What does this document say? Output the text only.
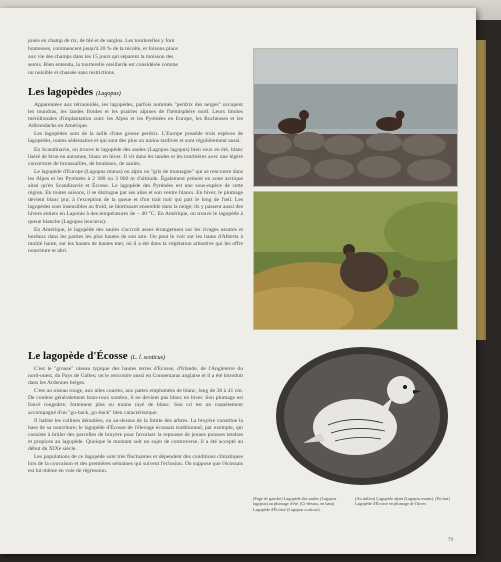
joués en champ de riz, de blé et de sarglos. Les tourterelles y font

honteuses, commencent jusqu'à 20 % de la récolte, et foisons place

aux vie des champs dans les 15 jours qui séparent la moisson des

semis. Bien entendu, la tourterelle oreillarde est considérée comme

un nuisible et chassée sans restrictions.

Les lagopèdes (Lagopus)

Apparentées aux tétraonidés, les lagopèdes, parfois nommés "perdrix des neiges" occupent les toundras, les landes froides et les prairies alpines de l'hémisphère nord. Leurs limites méridionales d'implantation sont: les Alpes et les Pyrénées en Europe, les Rocheuses et les Adirondacks en Amérique.

Les lagopèdes sont de la taille d'une grosse perdrix. L'Europe possède trois espèces de lagopèdes, toutes sédentaires et qui sont des plus ou moins tardives et sont régulièrement aussi.

En Scandinavie, on trouve le lagopède des saules (Lagopus lagopus) bien roux en été, blanc liséré de brun en automne, blanc en hiver. Il vit dans les landes et les tourbières avec une légère couverture de broussailles, de bouleaux, de saules.

Le lagopède d'Europe (Lagopus mutus) ou alpin ou "gris de montagne" qui se rencontre dans les Alpes et les Pyrénées à 2 300 ou 3 000 m d'altitude. Également présent en zone arctique ainsi qu'en Scandinavie et Écosse. Le lagopède des Pyrénées est une sous-espèce de cette région. En toutes saisons, il se distingue par ses ailes et son ventre blancs. En hiver, le plumage devient blanc pur, à l'exception de la queue et d'un trait noir qui part le long de l'œil. Les lagopèdes sont insensibles au froid, se blottissant ensemble dans la neige; ils y passent aussi des hivers entiers en Laponie à des températures de − 40 °C. En Amérique, on trouve le lagopède à queue blanche (Lagopus leucurus).

En Amérique, le lagopède des saules s'accroît assez étrangement sur les rivages neutres et boréaux dans les parties les plus hautes de son aire. On peut le voir sur les hauts d'Alberta à moitié haute, sur les hautes de hautes mer, où il a été dans la végétation arbustive qui les offre nourriture et abri.

Le lagopède d'Écosse (L. l. scoticus)

C'est le "grouse" oiseau typique des hautes terres d'Écosse, d'Irlande, de l'Angleterre du nord-ouest, du Pays de Galles; on le rencontre aussi en Connemaras anglaise et il a été introduit dans les Ardennes belges.

C'est un oiseau rouge, aux ailes courtes, aux pattes emplumées de blanc, long de 38 à 41 cm. De couleur généralement brun-roux sombre, il ne devient pas blanc en hiver. Son plumage est foncé rougeâtre, fortement plus ou moins rayé de blanc. Son cri est un caquètement accompagné d'un "go-back, go-back" bien caractéristique.

Il habite les collines dénudées, ou au-dessus de la limite des arbres. La bruyère constitue la base de sa nourriture; le lagopède d'Écosse de l'élevage écossais traditionnel, par exemple, qui consiste à brûler des parcelles de bruyère pour favoriser la repousse de jeunes pousses tendres et propices au lagopède. Quoique le montant soit un sujet de controverse, il a été accepté au début du XIXe siècle.

Les populations de ce lagopède sont très fluctuantes et dépendent des conditions climatiques lors de la couvaison et des premières semaines qui suivent l'éclosion. On suppose que l'écossais est lui-même en voie de régression.

(Page de gauche) Lagopède des saules (Lagopus lagopus) au plumage d'été. (Ci-dessus, en haut) Lagopède d'Écosse (Lagopus scoticus).
(Au milieu) Lagopède alpin (Lagopus mutus). (En bas) Lagopède d'Écosse en plumage de l'hiver.
79
